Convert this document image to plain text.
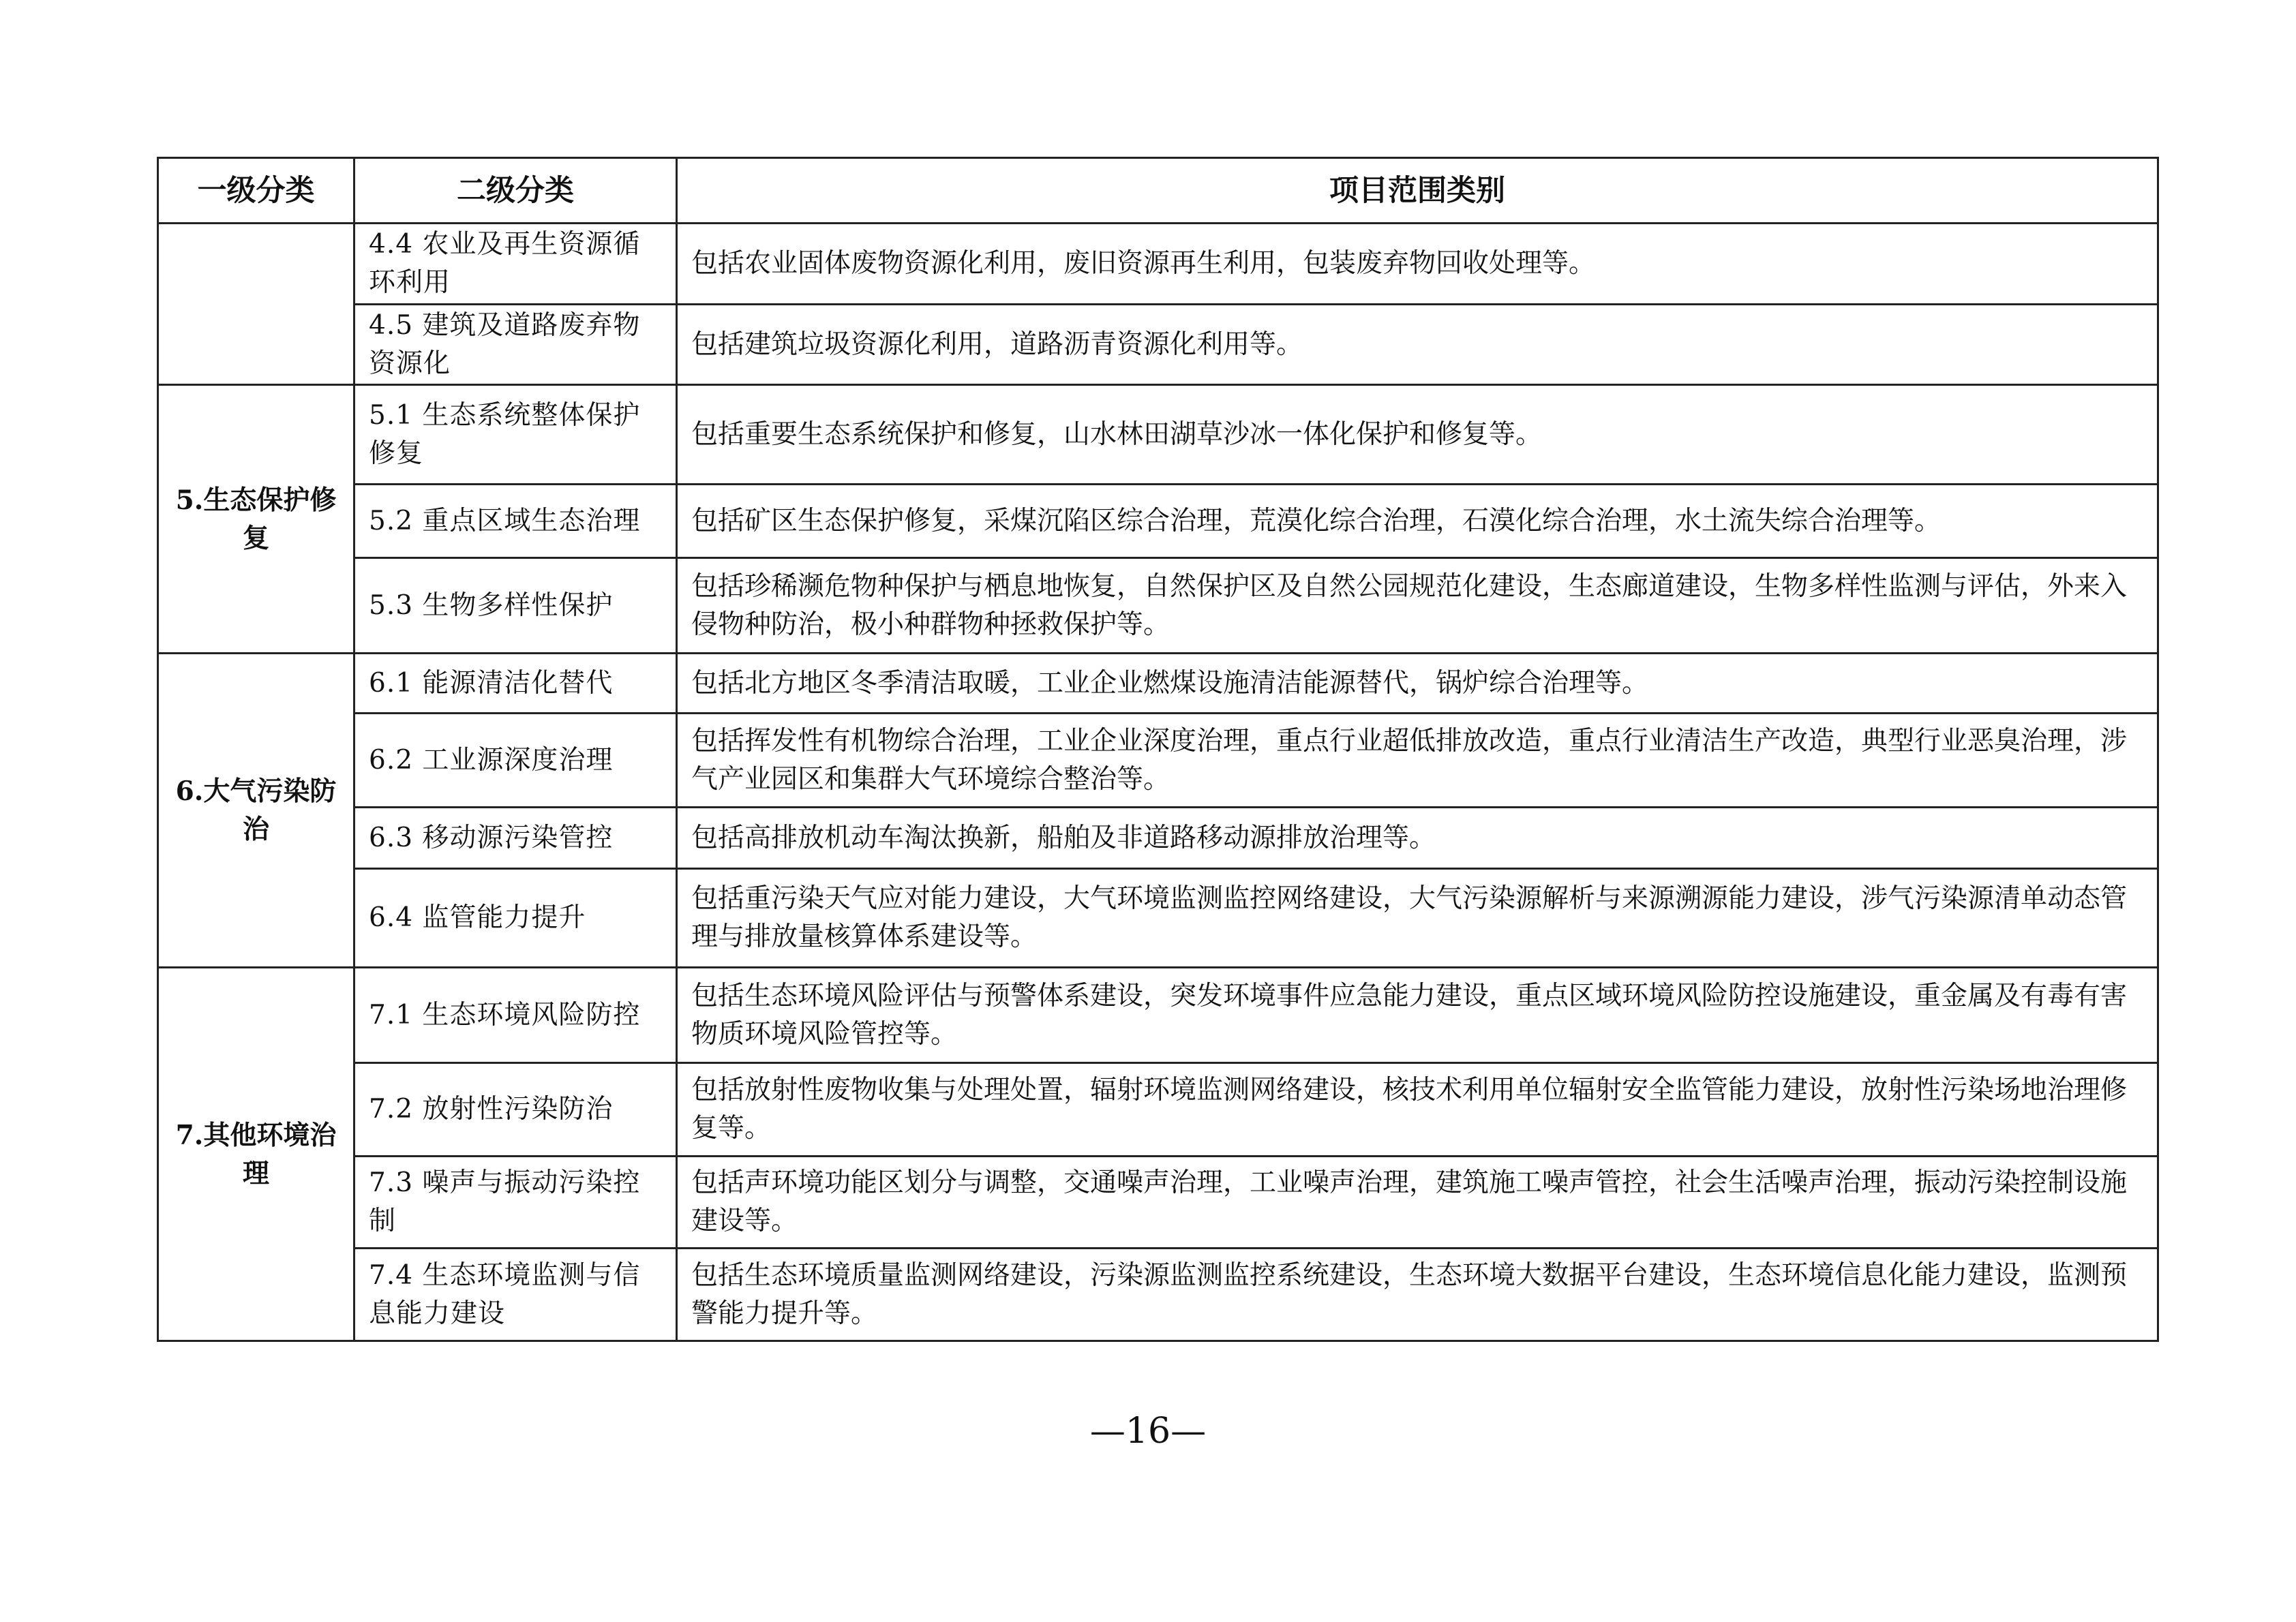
一级分类	二级分类	项目范围类别
	4.4 农业及再生资源循环利用	包括农业固体废物资源化利用，废旧资源再生利用，包装废弃物回收处理等。
	4.5 建筑及道路废弃物资源化	包括建筑垃圾资源化利用，道路沥青资源化利用等。
5.生态保护修复	5.1 生态系统整体保护修复	包括重要生态系统保护和修复，山水林田湖草沙冰一体化保护和修复等。
	5.2 重点区域生态治理	包括矿区生态保护修复，采煤沉陷区综合治理，荒漠化综合治理，石漠化综合治理，水土流失综合治理等。
	5.3 生物多样性保护	包括珍稀濒危物种保护与栖息地恢复，自然保护区及自然公园规范化建设，生态廊道建设，生物多样性监测与评估，外来入侵物种防治，极小种群物种拯救保护等。
6.大气污染防治	6.1 能源清洁化替代	包括北方地区冬季清洁取暖，工业企业燃煤设施清洁能源替代，锅炉综合治理等。
	6.2 工业源深度治理	包括挥发性有机物综合治理，工业企业深度治理，重点行业超低排放改造，重点行业清洁生产改造，典型行业恶臭治理，涉气产业园区和集群大气环境综合整治等。
	6.3 移动源污染管控	包括高排放机动车淘汰换新，船舶及非道路移动源排放治理等。
	6.4 监管能力提升	包括重污染天气应对能力建设，大气环境监测监控网络建设，大气污染源解析与来源溯源能力建设，涉气污染源清单动态管理与排放量核算体系建设等。
7.其他环境治理	7.1 生态环境风险防控	包括生态环境风险评估与预警体系建设，突发环境事件应急能力建设，重点区域环境风险防控设施建设，重金属及有毒有害物质环境风险管控等。
	7.2 放射性污染防治	包括放射性废物收集与处理处置，辐射环境监测网络建设，核技术利用单位辐射安全监管能力建设，放射性污染场地治理修复等。
	7.3 噪声与振动污染控制	包括声环境功能区划分与调整，交通噪声治理，工业噪声治理，建筑施工噪声管控，社会生活噪声治理，振动污染控制设施建设等。
	7.4 生态环境监测与信息能力建设	包括生态环境质量监测网络建设，污染源监测监控系统建设，生态环境大数据平台建设，生态环境信息化能力建设，监测预警能力提升等。
—16—
